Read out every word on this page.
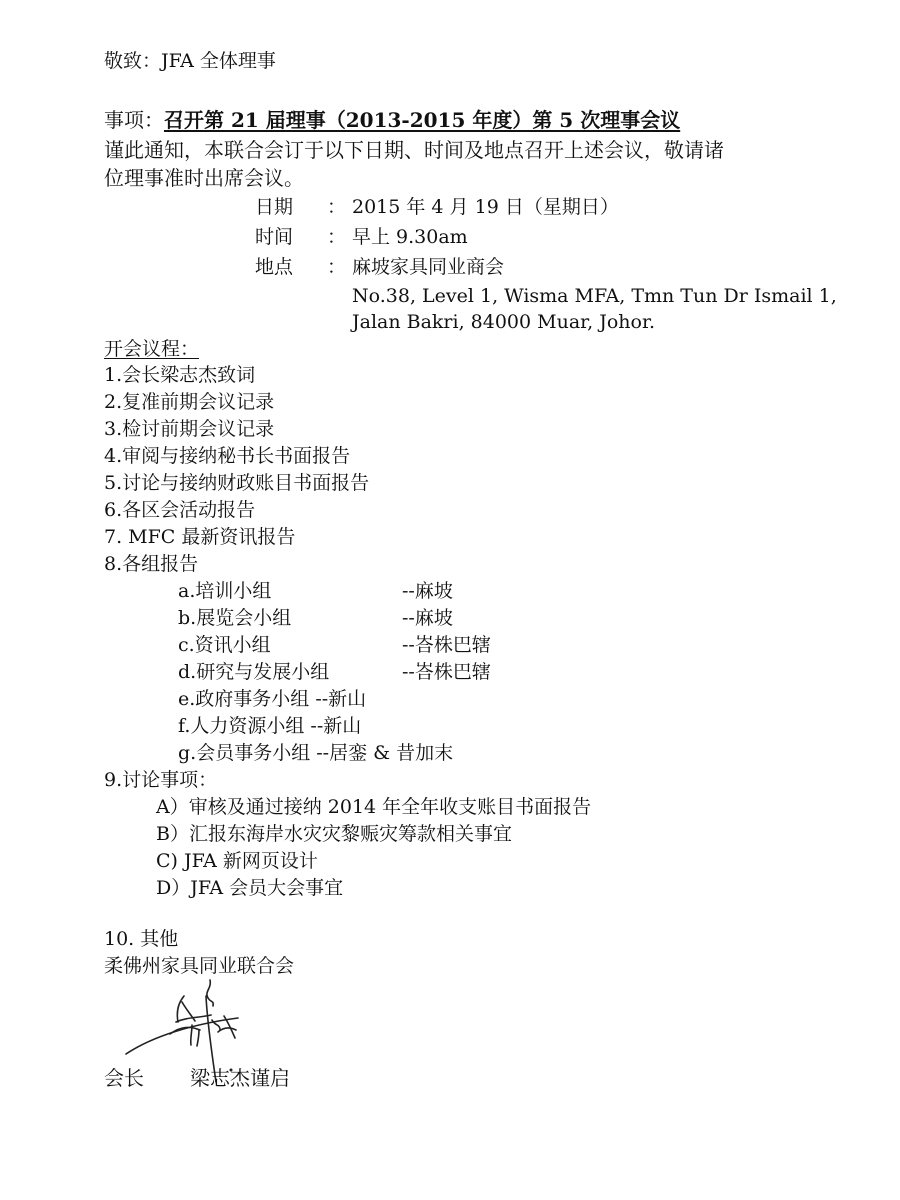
敬致：JFA 全体理事
事项：召开第 21 届理事（2013-2015 年度）第 5 次理事会议
谨此通知，本联合会订于以下日期、时间及地点召开上述会议，敬请诸
位理事准时出席会议。
日期 ： 2015 年 4 月 19 日（星期日）
时间 ： 早上 9.30am
地点 ： 麻坡家具同业商会
No.38, Level 1, Wisma MFA, Tmn Tun Dr Ismail 1,
Jalan Bakri, 84000 Muar, Johor.
开会议程：
1.会长梁志杰致词
2.复准前期会议记录
3.检讨前期会议记录
4.审阅与接纳秘书长书面报告
5.讨论与接纳财政账目书面报告
6.各区会活动报告
7. MFC 最新资讯报告
8.各组报告
a.培训小组	--麻坡
b.展览会小组	--麻坡
c.资讯小组	--峇株巴辖
d.研究与发展小组	--峇株巴辖
e.政府事务小组 --新山
f.人力资源小组 --新山
g.会员事务小组 --居銮 & 昔加末
9.讨论事项：
A）审核及通过接纳 2014 年全年收支账目书面报告
B）汇报东海岸水灾灾黎赈灾筹款相关事宜
C) JFA 新网页设计
D）JFA 会员大会事宜
10. 其他
柔佛州家具同业联合会
会长 梁志杰谨启
